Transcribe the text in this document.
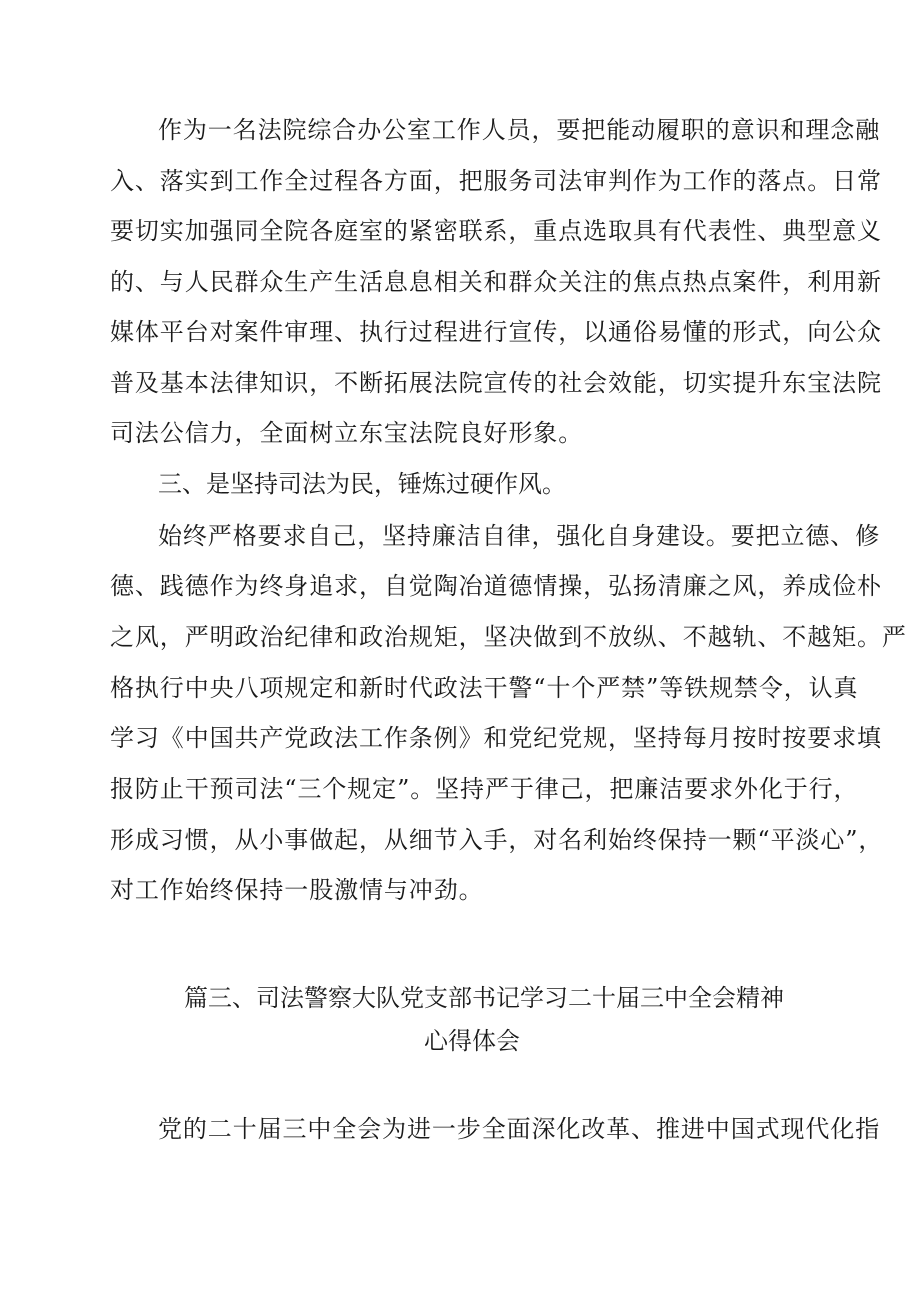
作为一名法院综合办公室工作人员，要把能动履职的意识和理念融
入、落实到工作全过程各方面，把服务司法审判作为工作的落点。日常
要切实加强同全院各庭室的紧密联系，重点选取具有代表性、典型意义
的、与人民群众生产生活息息相关和群众关注的焦点热点案件，利用新
媒体平台对案件审理、执行过程进行宣传，以通俗易懂的形式，向公众
普及基本法律知识，不断拓展法院宣传的社会效能，切实提升东宝法院
司法公信力，全面树立东宝法院良好形象。
三、是坚持司法为民，锤炼过硬作风。
始终严格要求自己，坚持廉洁自律，强化自身建设。要把立德、修
德、践德作为终身追求，自觉陶冶道德情操，弘扬清廉之风，养成俭朴
之风，严明政治纪律和政治规矩，坚决做到不放纵、不越轨、不越矩。严
格执行中央八项规定和新时代政法干警“十个严禁”等铁规禁令，认真
学习《中国共产党政法工作条例》和党纪党规，坚持每月按时按要求填
报防止干预司法“三个规定”。坚持严于律己，把廉洁要求外化于行，
形成习惯，从小事做起，从细节入手，对名利始终保持一颗“平淡心”，
对工作始终保持一股激情与冲劲。
篇三、司法警察大队党支部书记学习二十届三中全会精神
心得体会
党的二十届三中全会为进一步全面深化改革、推进中国式现代化指
